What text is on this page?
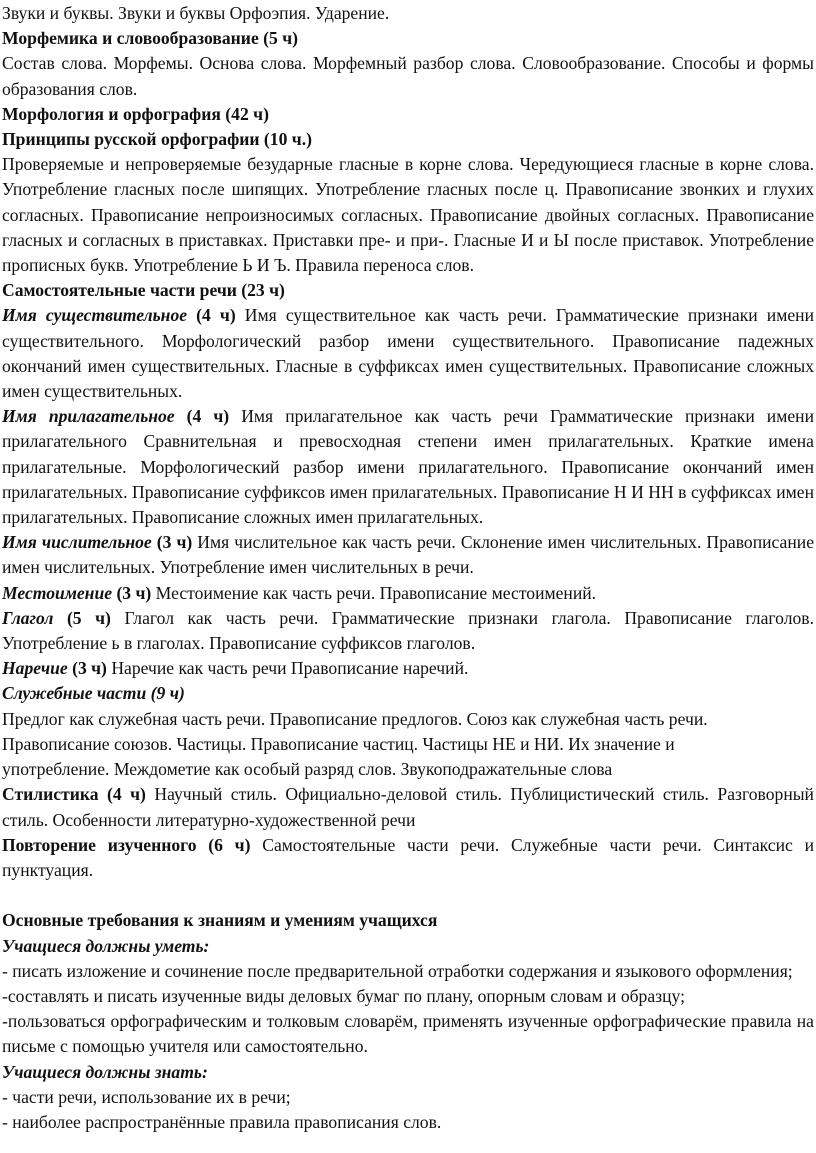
Звуки и буквы. Звуки и буквы Орфоэпия. Ударение.

Морфемика и словообразование (5 ч)

Состав слова. Морфемы. Основа слова. Морфемный разбор слова. Словообразование. Способы и формы образования слов.

Морфология и орфография (42 ч)

Принципы русской орфографии (10 ч.)

Проверяемые и непроверяемые безударные гласные в корне слова. Чередующиеся гласные в корне слова. Употребление гласных после шипящих. Употребление гласных после ц. Правописание звонких и глухих согласных. Правописание непроизносимых согласных. Правописание двойных согласных. Правописание гласных и согласных в приставках. Приставки пре- и при-. Гласные И и Ы после приставок. Употребление прописных букв. Употребление Ь И Ъ. Правила переноса слов.

Самостоятельные части речи (23 ч)

Имя существительное (4 ч) Имя существительное как часть речи. Грамматические признаки имени существительного. Морфологический разбор имени существительного. Правописание падежных окончаний имен существительных. Гласные в суффиксах имен существительных. Правописание сложных имен существительных.

Имя прилагательное (4 ч) Имя прилагательное как часть речи Грамматические признаки имени прилагательного Сравнительная и превосходная степени имен прилагательных. Краткие имена прилагательные. Морфологический разбор имени прилагательного. Правописание окончаний имен прилагательных. Правописание суффиксов имен прилагательных. Правописание Н И НН в суффиксах имен прилагательных. Правописание сложных имен прилагательных.

Имя числительное (3 ч) Имя числительное как часть речи. Склонение имен числительных. Правописание имен числительных. Употребление имен числительных в речи.

Местоимение (3 ч) Местоимение как часть речи. Правописание местоимений.

Глагол (5 ч) Глагол как часть речи. Грамматические признаки глагола. Правописание глаголов. Употребление ь в глаголах. Правописание суффиксов глаголов.

Наречие (3 ч) Наречие как часть речи Правописание наречий.

Служебные части (9 ч)

Предлог как служебная часть речи. Правописание предлогов. Союз как служебная часть речи.

Правописание союзов. Частицы. Правописание частиц. Частицы НЕ и НИ. Их значение и

употребление. Междометие как особый разряд слов. Звукоподражательные слова

Стилистика (4 ч) Научный стиль. Официально-деловой стиль. Публицистический стиль. Разговорный стиль. Особенности литературно-художественной речи

Повторение изученного (6 ч) Самостоятельные части речи. Служебные части речи. Синтаксис и пунктуация.

Основные требования к знаниям и умениям учащихся

Учащиеся должны уметь:

- писать изложение и сочинение после предварительной отработки содержания и языкового оформления;

-составлять и писать изученные виды деловых бумаг по плану, опорным словам и образцу;

-пользоваться орфографическим и толковым словарём, применять изученные орфографические правила на письме с помощью учителя или самостоятельно.

Учащиеся должны знать:

- части речи, использование их в речи;

- наиболее распространённые правила правописания слов.
